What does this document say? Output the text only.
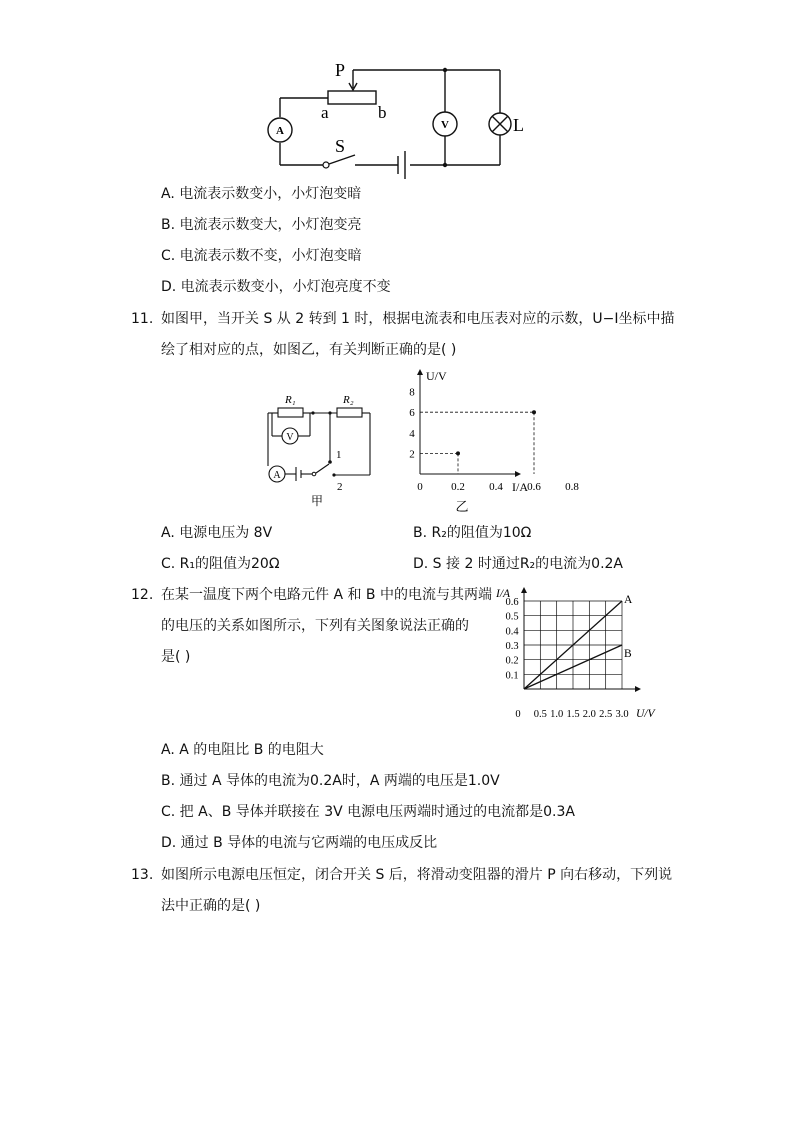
A	V
P
a	b
S
L
A. 电流表示数变小，小灯泡变暗
B. 电流表示数变大，小灯泡变亮
C. 电流表示数不变，小灯泡变暗
D. 电流表示数变小，小灯泡亮度不变
11. 如图甲，当开关 S 从 2 转到 1 时，根据电流表和电压表对应的示数，U−I坐标中描
绘了相对应的点，如图乙，有关判断正确的是( )
V
A
R₁	R₂
1
2
甲
0	0.2 0.4 0.6 0.8
2
4
6
8
I/A
U/V
乙
A. 电源电压为 8V	B. R₂的阻值为10Ω
C. R₁的阻值为20Ω	D. S 接 2 时通过R₂的电流为0.2A
12. 在某一温度下两个电路元件 A 和 B 中的电流与其两端
的电压的关系如图所示，下列有关图象说法正确的
是( )
0 0.5 1.0 1.5 2.0 2.5 3.0
0.1
0.2
0.3
0.4
0.5
0.6
U/V
I/A	A
B
A. A 的电阻比 B 的电阻大
B. 通过 A 导体的电流为0.2A时，A 两端的电压是1.0V
C. 把 A、B 导体并联接在 3V 电源电压两端时通过的电流都是0.3A
D. 通过 B 导体的电流与它两端的电压成反比
13. 如图所示电源电压恒定，闭合开关 S 后，将滑动变阻器的滑片 P 向右移动，下列说
法中正确的是( )
